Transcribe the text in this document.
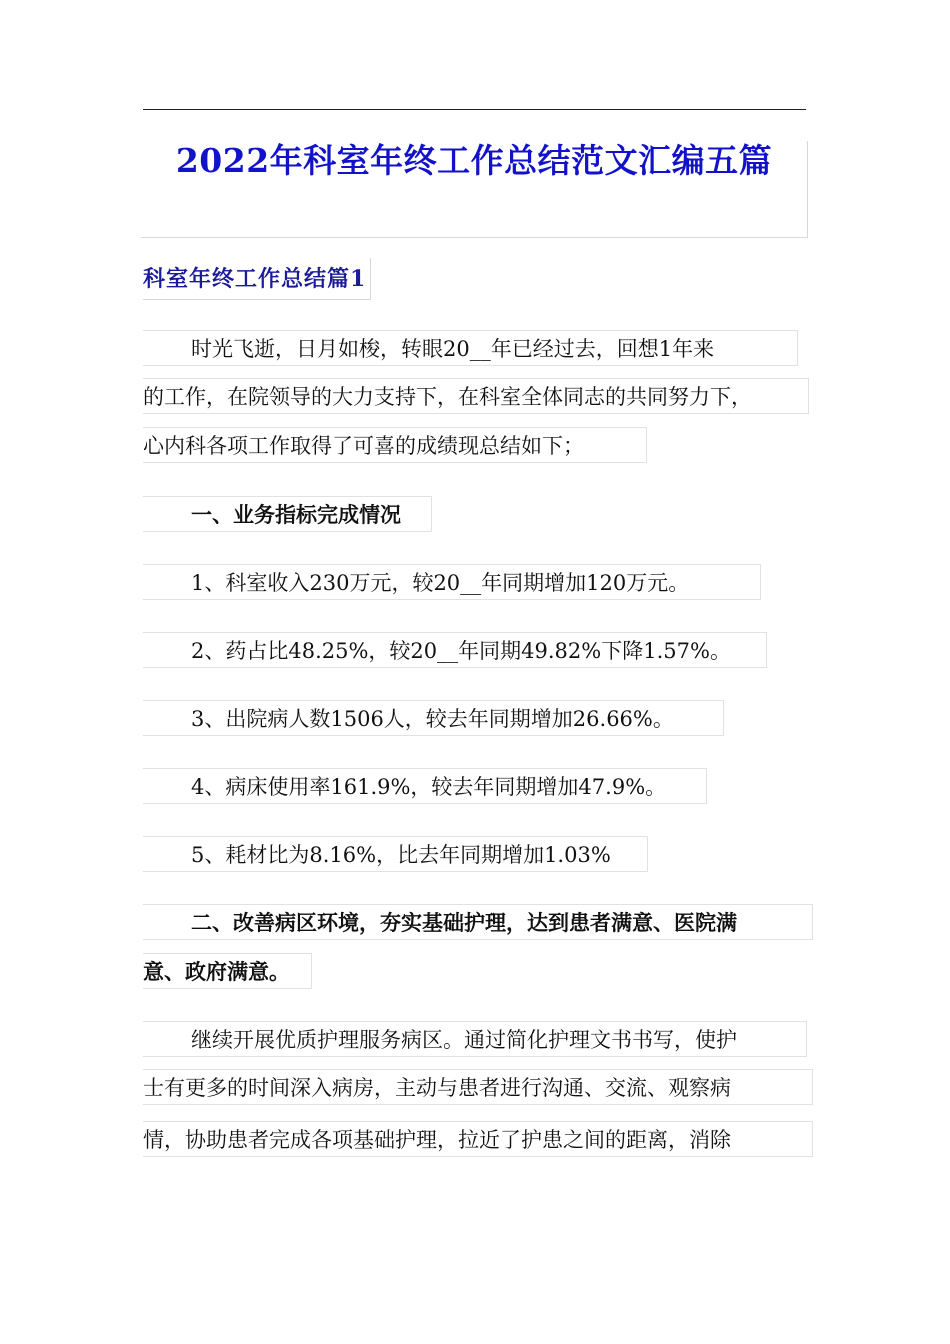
2022年科室年终工作总结范文汇编五篇
科室年终工作总结篇1
时光飞逝，日月如梭，转眼20__年已经过去，回想1年来
的工作，在院领导的大力支持下，在科室全体同志的共同努力下，
心内科各项工作取得了可喜的成绩现总结如下；
一、业务指标完成情况
1、科室收入230万元，较20__年同期增加120万元。
2、药占比48.25%，较20__年同期49.82%下降1.57%。
3、出院病人数1506人，较去年同期增加26.66%。
4、病床使用率161.9%，较去年同期增加47.9%。
5、耗材比为8.16%，比去年同期增加1.03%
二、改善病区环境，夯实基础护理，达到患者满意、医院满
意、政府满意。
继续开展优质护理服务病区。通过简化护理文书书写，使护
士有更多的时间深入病房，主动与患者进行沟通、交流、观察病
情，协助患者完成各项基础护理，拉近了护患之间的距离，消除
